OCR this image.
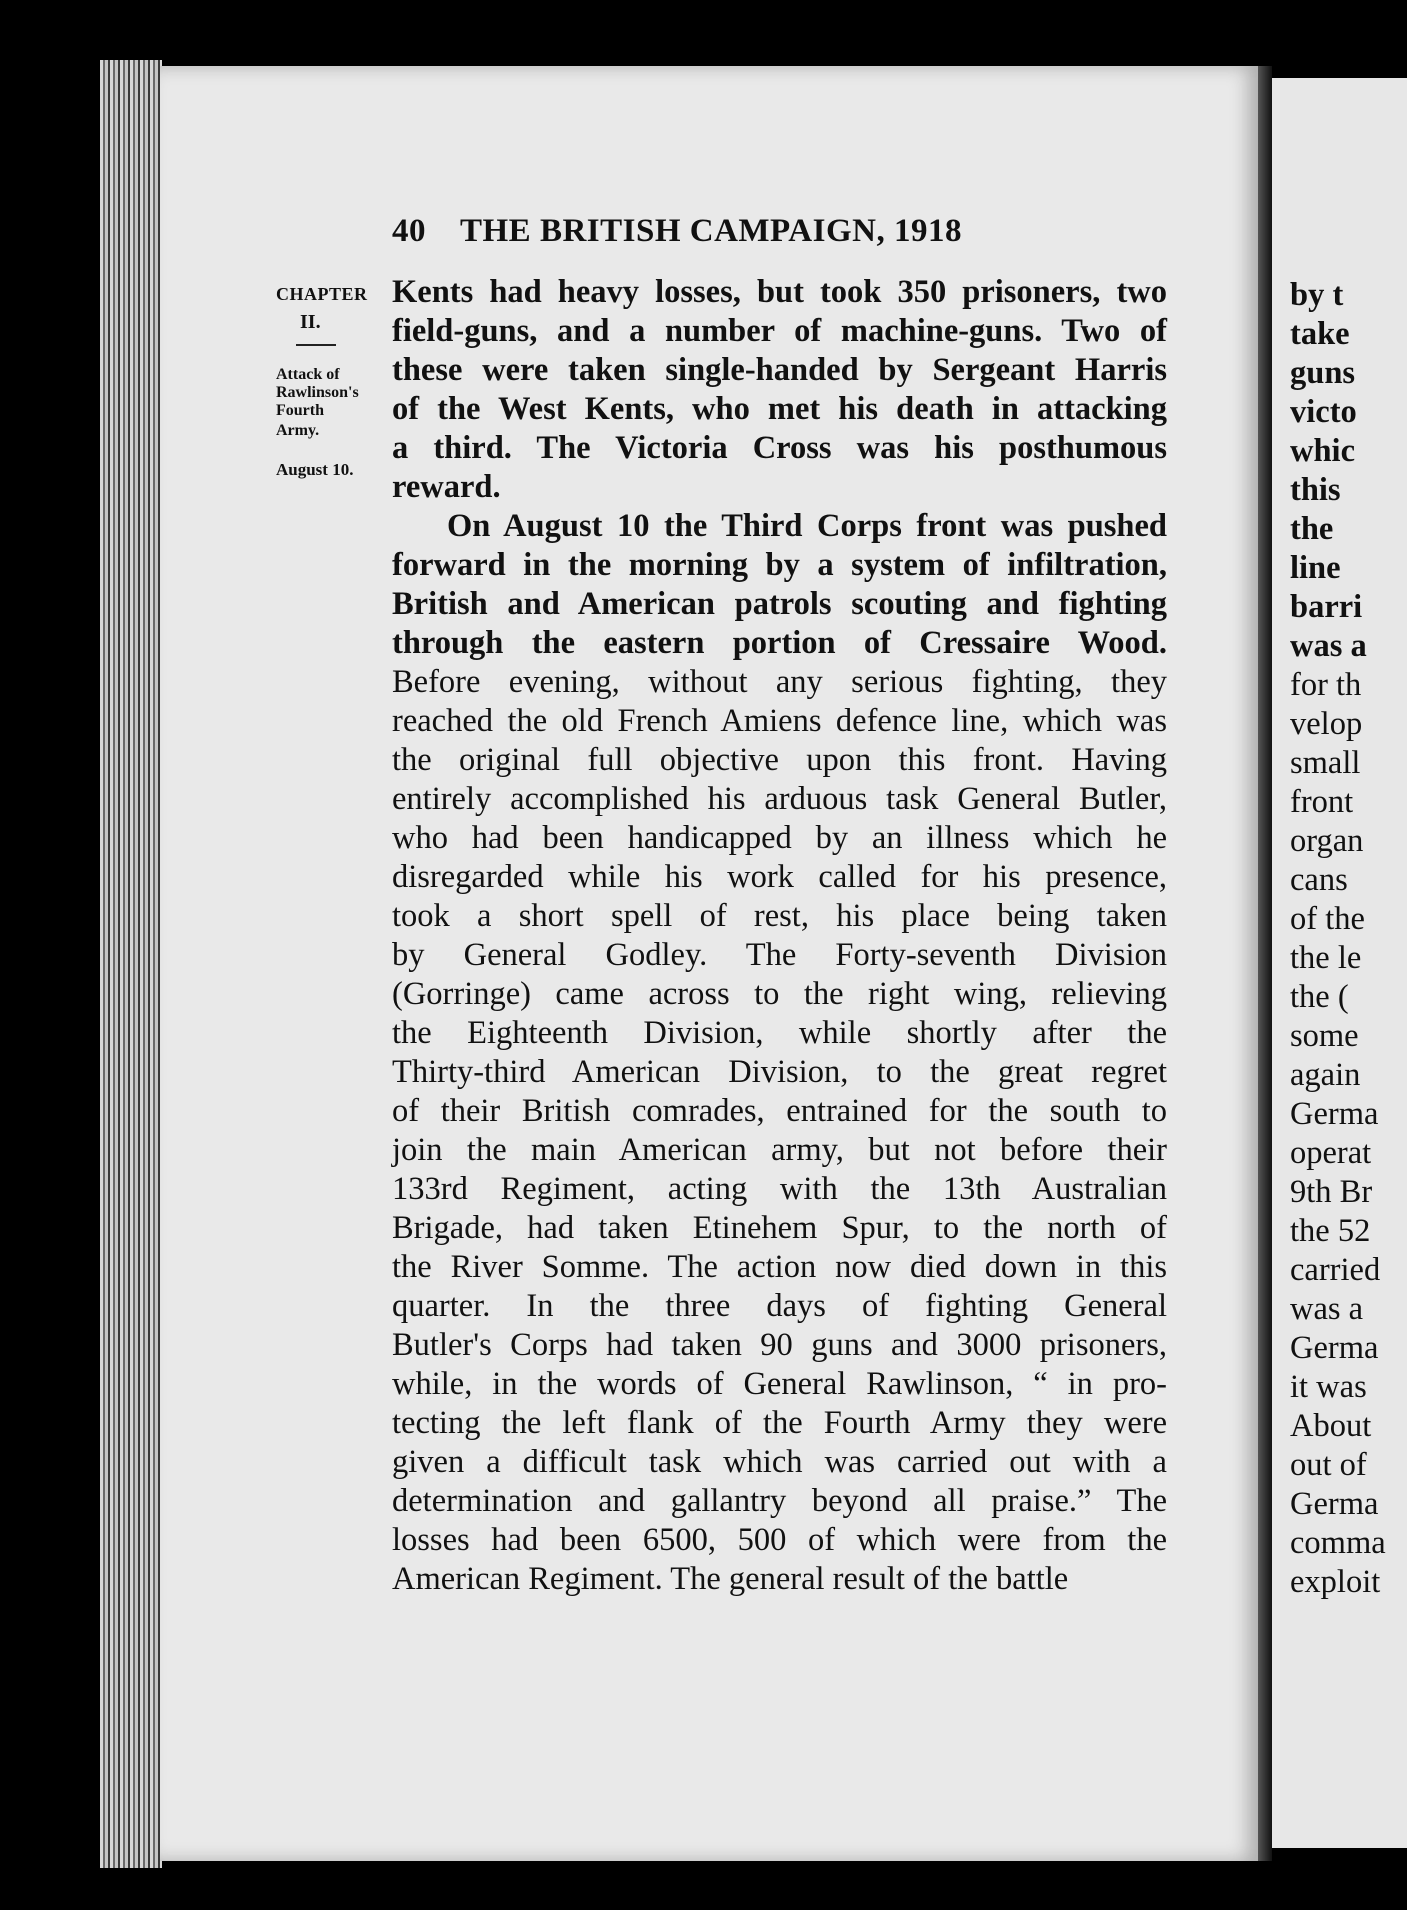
40 THE BRITISH CAMPAIGN, 1918
CHAPTER
II.
Attack of
Rawlinson's
Fourth
Army.
August 10.
Kents had heavy losses, but took 350 prisoners, two
field-guns, and a number of machine-guns. Two of
these were taken single-handed by Sergeant Harris
of the West Kents, who met his death in attacking
a third. The Victoria Cross was his posthumous
reward.
On August 10 the Third Corps front was pushed
forward in the morning by a system of infiltration,
British and American patrols scouting and fighting
through the eastern portion of Cressaire Wood.
Before evening, without any serious fighting, they
reached the old French Amiens defence line, which was
the original full objective upon this front. Having
entirely accomplished his arduous task General Butler,
who had been handicapped by an illness which he
disregarded while his work called for his presence,
took a short spell of rest, his place being taken
by General Godley. The Forty-seventh Division
(Gorringe) came across to the right wing, relieving
the Eighteenth Division, while shortly after the
Thirty-third American Division, to the great regret
of their British comrades, entrained for the south to
join the main American army, but not before their
133rd Regiment, acting with the 13th Australian
Brigade, had taken Etinehem Spur, to the north of
the River Somme. The action now died down in this
quarter. In the three days of fighting General
Butler's Corps had taken 90 guns and 3000 prisoners,
while, in the words of General Rawlinson, “ in pro-
tecting the left flank of the Fourth Army they were
given a difficult task which was carried out with a
determination and gallantry beyond all praise.” The
losses had been 6500, 500 of which were from the
American Regiment. The general result of the battle
by t
take
guns
victo
whic
this
the
line
barri
was a
for th
velop
small
front
organ
cans
of the
the le
the (
some
again
Germa
operat
9th Br
the 52
carried
was a
Germa
it was
About
out of
Germa
comma
exploit
